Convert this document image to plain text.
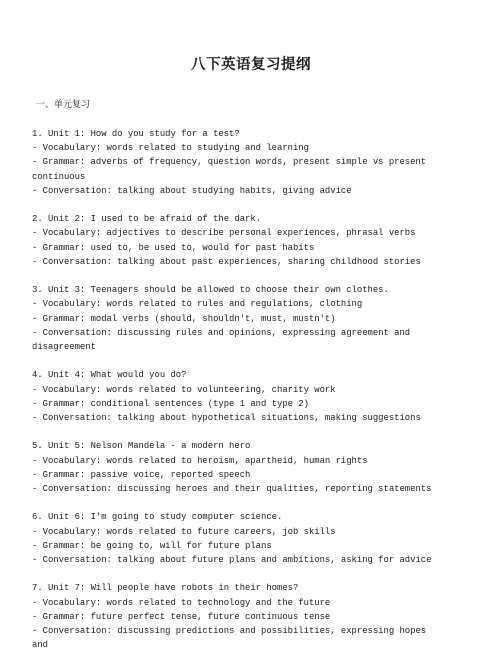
八下英语复习提纲

一、单元复习

1. Unit 1: How do you study for a test?
- Vocabulary: words related to studying and learning
- Grammar: adverbs of frequency, question words, present simple vs present continuous
- Conversation: talking about studying habits, giving advice
2. Unit 2: I used to be afraid of the dark.
- Vocabulary: adjectives to describe personal experiences, phrasal verbs
- Grammar: used to, be used to, would for past habits
- Conversation: talking about past experiences, sharing childhood stories
3. Unit 3: Teenagers should be allowed to choose their own clothes.
- Vocabulary: words related to rules and regulations, clothing
- Grammar: modal verbs (should, shouldn't, must, mustn't)
- Conversation: discussing rules and opinions, expressing agreement and disagreement
4. Unit 4: What would you do?
- Vocabulary: words related to volunteering, charity work
- Grammar: conditional sentences (type 1 and type 2)
- Conversation: talking about hypothetical situations, making suggestions
5. Unit 5: Nelson Mandela - a modern hero
- Vocabulary: words related to heroism, apartheid, human rights
- Grammar: passive voice, reported speech
- Conversation: discussing heroes and their qualities, reporting statements
6. Unit 6: I'm going to study computer science.
- Vocabulary: words related to future careers, job skills
- Grammar: be going to, will for future plans
- Conversation: talking about future plans and ambitions, asking for advice
7. Unit 7: Will people have robots in their homes?
- Vocabulary: words related to technology and the future
- Grammar: future perfect tense, future continuous tense
- Conversation: discussing predictions and possibilities, expressing hopes and
